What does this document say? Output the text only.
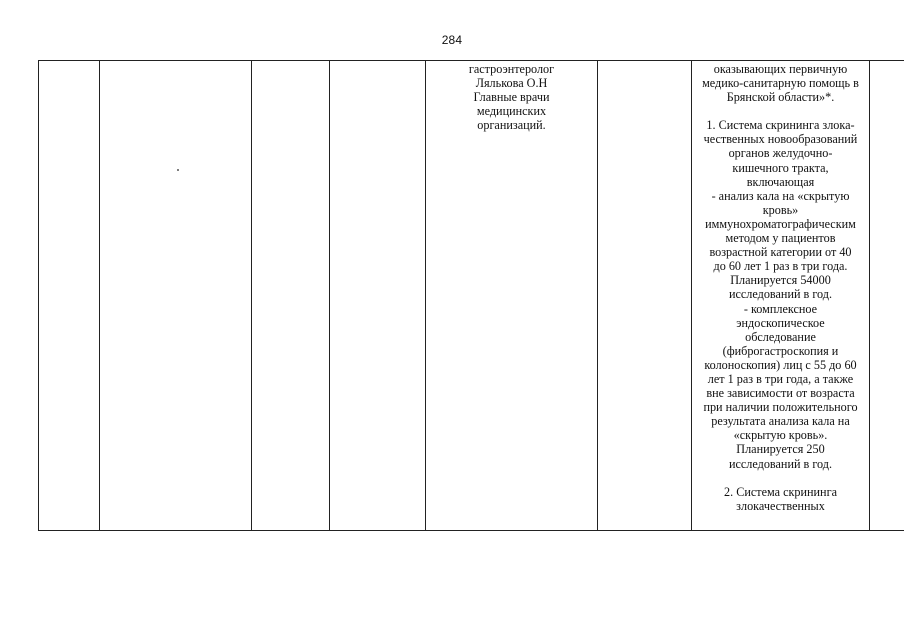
284

гастроэнтеролог
Лялькова О.Н
Главные врачи
медицинских
организаций.

оказывающих первичную
медико-санитарную помощь в
Брянской области»*.
1. Система скрининга злока-
чественных новообразований
органов желудочно-
кишечного тракта,
включающая
- анализ кала на «скрытую
кровь»
иммунохроматографическим
методом у пациентов
возрастной категории от 40
до 60 лет 1 раз в три года.
Планируется 54000
исследований в год.
- комплексное
эндоскопическое
обследование
(фиброгастроскопия и
колоноскопия) лиц с 55 до 60
лет 1 раз в три года, а также
вне зависимости от возраста
при наличии положительного
результата анализа кала на
«скрытую кровь».
Планируется 250
исследований в год.
2. Система скрининга
злокачественных
